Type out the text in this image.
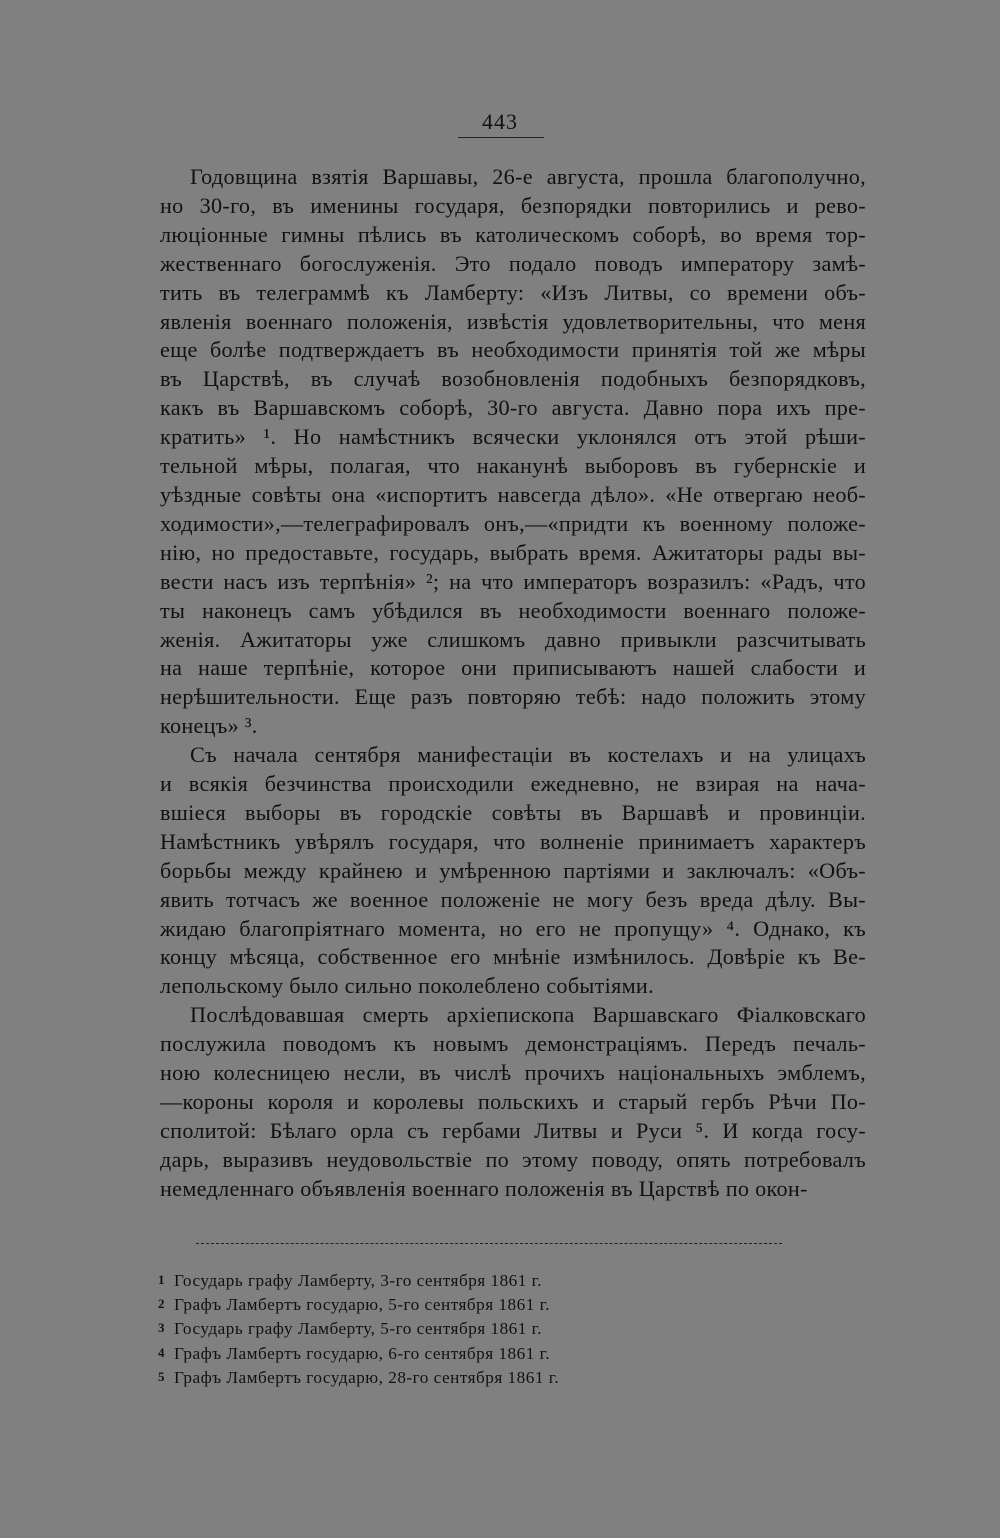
443
Годовщина взятія Варшавы, 26-е августа, прошла благополучно,
но 30-го, въ именины государя, безпорядки повторились и рево-
люціонные гимны пѣлись въ католическомъ соборѣ, во время тор-
жественнаго богослуженія. Это подало поводъ императору замѣ-
тить въ телеграммѣ къ Ламберту: «Изъ Литвы, со времени объ-
явленія военнаго положенія, извѣстія удовлетворительны, что меня
еще болѣе подтверждаетъ въ необходимости принятія той же мѣры
въ Царствѣ, въ случаѣ возобновленія подобныхъ безпорядковъ,
какъ въ Варшавскомъ соборѣ, 30-го августа. Давно пора ихъ пре-
кратить» ¹. Но намѣстникъ всячески уклонялся отъ этой рѣши-
тельной мѣры, полагая, что наканунѣ выборовъ въ губернскіе и
уѣздные совѣты она «испортитъ навсегда дѣло». «Не отвергаю необ-
ходимости»,—телеграфировалъ онъ,—«придти къ военному положе-
нію, но предоставьте, государь, выбрать время. Ажитаторы рады вы-
вести насъ изъ терпѣнія» ²; на что императоръ возразилъ: «Радъ, что
ты наконецъ самъ убѣдился въ необходимости военнаго положе-
женія. Ажитаторы уже слишкомъ давно привыкли разсчитывать
на наше терпѣніе, которое они приписываютъ нашей слабости и
нерѣшительности. Еще разъ повторяю тебѣ: надо положить этому
конецъ» ³.
Съ начала сентября манифестаціи въ костелахъ и на улицахъ
и всякія безчинства происходили ежедневно, не взирая на нача-
вшіеся выборы въ городскіе совѣты въ Варшавѣ и провинціи.
Намѣстникъ увѣрялъ государя, что волненіе принимаетъ характеръ
борьбы между крайнею и умѣренною партіями и заключалъ: «Объ-
явить тотчасъ же военное положеніе не могу безъ вреда дѣлу. Вы-
жидаю благопріятнаго момента, но его не пропущу» ⁴. Однако, къ
концу мѣсяца, собственное его мнѣніе измѣнилось. Довѣріе къ Ве-
лепольскому было сильно поколеблено событіями.
Послѣдовавшая смерть архіепископа Варшавскаго Фіалковскаго
послужила поводомъ къ новымъ демонстраціямъ. Передъ печаль-
ною колесницею несли, въ числѣ прочихъ національныхъ эмблемъ,
—короны короля и королевы польскихъ и старый гербъ Рѣчи По-
сполитой: Бѣлаго орла съ гербами Литвы и Руси ⁵. И когда госу-
дарь, выразивъ неудовольствіе по этому поводу, опять потребовалъ
немедленнаго объявленія военнаго положенія въ Царствѣ по окон-
1 Государь графу Ламберту, 3-го сентября 1861 г.
2 Графъ Ламбертъ государю, 5-го сентября 1861 г.
3 Государь графу Ламберту, 5-го сентября 1861 г.
4 Графъ Ламбертъ государю, 6-го сентября 1861 г.
5 Графъ Ламбертъ государю, 28-го сентября 1861 г.
